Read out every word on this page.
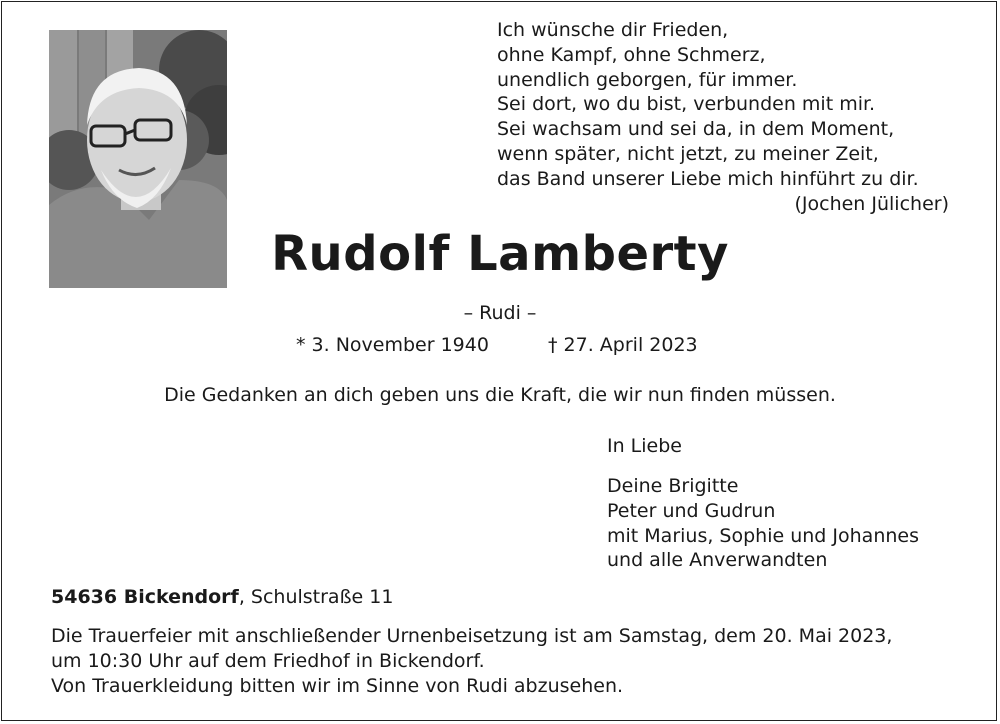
Ich wünsche dir Frieden,
ohne Kampf, ohne Schmerz,
unendlich geborgen, für immer.
Sei dort, wo du bist, verbunden mit mir.
Sei wachsam und sei da, in dem Moment,
wenn später, nicht jetzt, zu meiner Zeit,
das Band unserer Liebe mich hinführt zu dir.
(Jochen Jülicher)
Rudolf Lamberty
– Rudi –
* 3. November 1940	† 27. April 2023
Die Gedanken an dich geben uns die Kraft, die wir nun finden müssen.
In Liebe
Deine Brigitte
Peter und Gudrun
mit Marius, Sophie und Johannes
und alle Anverwandten
54636 Bickendorf, Schulstraße 11
Die Trauerfeier mit anschließender Urnenbeisetzung ist am Samstag, dem 20. Mai 2023,
um 10:30 Uhr auf dem Friedhof in Bickendorf.
Von Trauerkleidung bitten wir im Sinne von Rudi abzusehen.
